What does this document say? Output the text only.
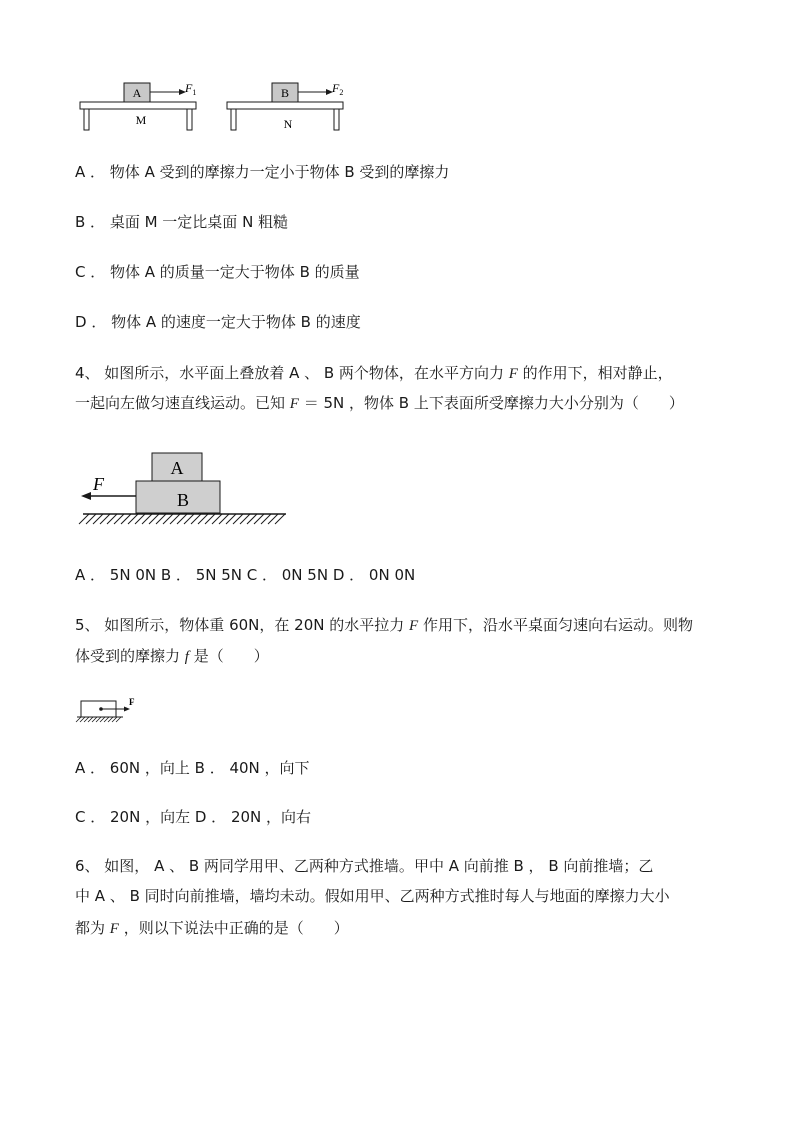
A	$F_1$
M
B	$F_2$
N
A ． 物体 A 受到的摩擦力一定小于物体 B 受到的摩擦力
B ． 桌面 M 一定比桌面 N 粗糙
C ． 物体 A 的质量一定大于物体 B 的质量
D ． 物体 A 的速度一定大于物体 B 的速度
4、 如图所示，水平面上叠放着 A 、 B 两个物体，在水平方向力 F 的作用下，相对静止，
一起向左做匀速直线运动。已知 F ＝ 5N ，物体 B 上下表面所受摩擦力大小分别为（　　）
A
B
F
A ． 5N 0N B ． 5N 5N C ． 0N 5N D ． 0N 0N
5、 如图所示，物体重 60N，在 20N 的水平拉力 F 作用下，沿水平桌面匀速向右运动。则物
体受到的摩擦力 f 是（　　）
F
A ． 60N ，向上 B ． 40N ，向下
C ． 20N ，向左 D ． 20N ，向右
6、 如图， A 、 B 两同学用甲、乙两种方式推墙。甲中 A 向前推 B ， B 向前推墙；乙
中 A 、 B 同时向前推墙，墙均未动。假如用甲、乙两种方式推时每人与地面的摩擦力大小
都为 F ，则以下说法中正确的是（　　）
